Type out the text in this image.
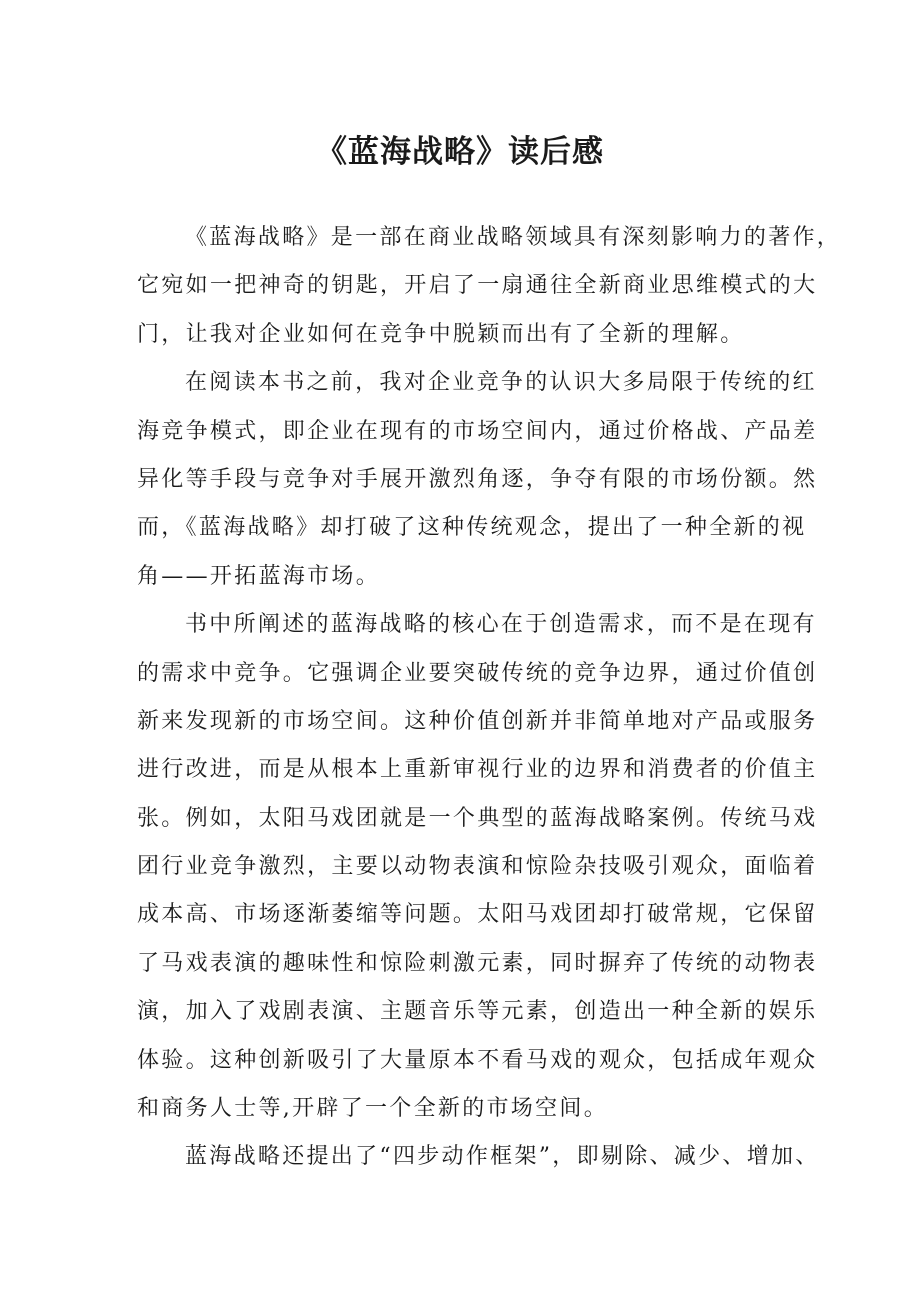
《蓝海战略》读后感
《蓝海战略》是一部在商业战略领域具有深刻影响力的著作，
它宛如一把神奇的钥匙，开启了一扇通往全新商业思维模式的大
门，让我对企业如何在竞争中脱颖而出有了全新的理解。
在阅读本书之前，我对企业竞争的认识大多局限于传统的红
海竞争模式，即企业在现有的市场空间内，通过价格战、产品差
异化等手段与竞争对手展开激烈角逐，争夺有限的市场份额。然
而，《蓝海战略》却打破了这种传统观念，提出了一种全新的视
角——开拓蓝海市场。
书中所阐述的蓝海战略的核心在于创造需求，而不是在现有
的需求中竞争。它强调企业要突破传统的竞争边界，通过价值创
新来发现新的市场空间。这种价值创新并非简单地对产品或服务
进行改进，而是从根本上重新审视行业的边界和消费者的价值主
张。例如，太阳马戏团就是一个典型的蓝海战略案例。传统马戏
团行业竞争激烈，主要以动物表演和惊险杂技吸引观众，面临着
成本高、市场逐渐萎缩等问题。太阳马戏团却打破常规，它保留
了马戏表演的趣味性和惊险刺激元素，同时摒弃了传统的动物表
演，加入了戏剧表演、主题音乐等元素，创造出一种全新的娱乐
体验。这种创新吸引了大量原本不看马戏的观众，包括成年观众
和商务人士等,开辟了一个全新的市场空间。
蓝海战略还提出了“四步动作框架”，即剔除、减少、增加、
